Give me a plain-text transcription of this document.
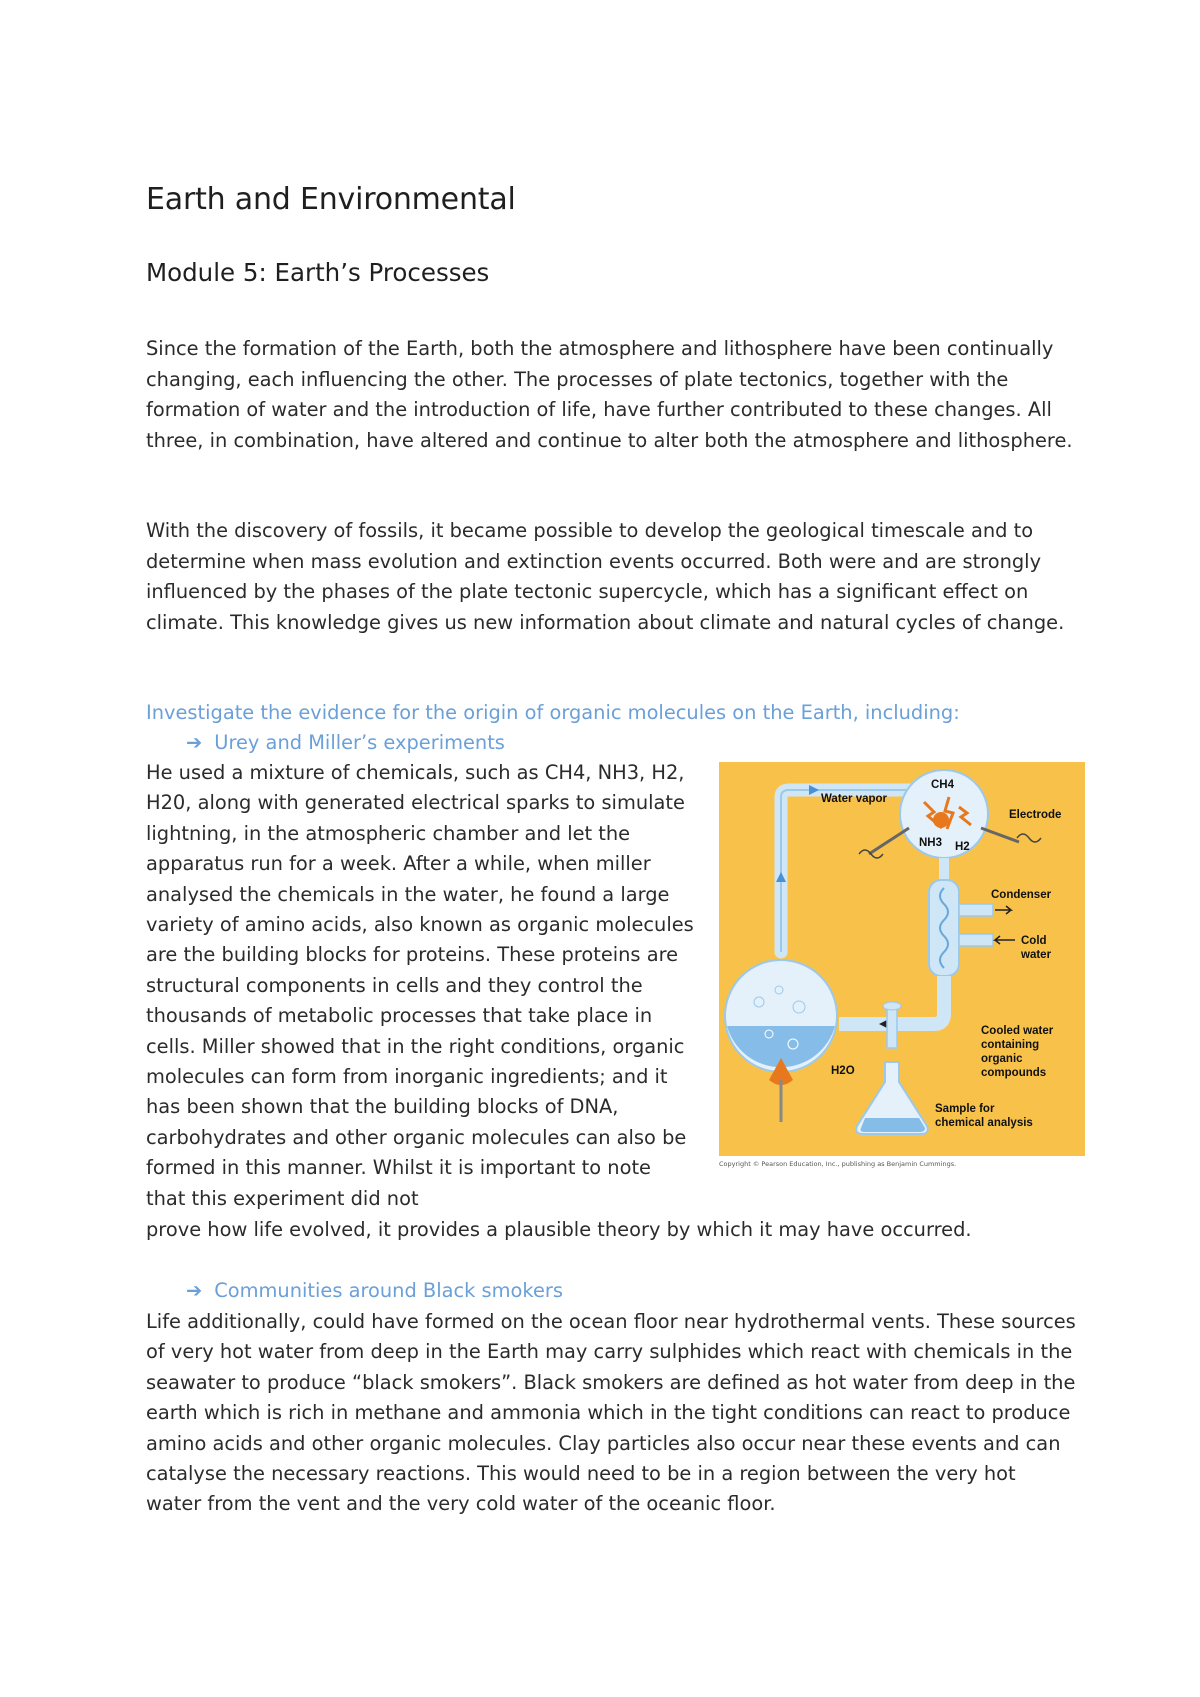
Earth and Environmental
Module 5: Earth’s Processes

Since the formation of the Earth, both the atmosphere and lithosphere have been continually changing, each influencing the other. The processes of plate tectonics, together with the formation of water and the introduction of life, have further contributed to these changes. All three, in combination, have altered and continue to alter both the atmosphere and lithosphere.

With the discovery of fossils, it became possible to develop the geological timescale and to determine when mass evolution and extinction events occurred. Both were and are strongly influenced by the phases of the plate tectonic supercycle, which has a significant effect on climate. This knowledge gives us new information about climate and natural cycles of change.

Investigate the evidence for the origin of organic molecules on the Earth, including:

➔ Urey and Miller’s experiments

He used a mixture of chemicals, such as CH4, NH3, H2, H20, along with generated electrical sparks to simulate lightning, in the atmospheric chamber and let the apparatus run for a week. After a while, when miller analysed the chemicals in the water, he found a large variety of amino acids, also known as organic molecules are the building blocks for proteins. These proteins are structural components in cells and they control the thousands of metabolic processes that take place in cells. Miller showed that in the right conditions, organic molecules can form from inorganic ingredients; and it has been shown that the building blocks of DNA, carbohydrates and other organic molecules can also be formed in this manner. Whilst it is important to note that this experiment did not

prove how life evolved, it provides a plausible theory by which it may have occurred.

Water vapor
CH4
NH3 H2
Electrode
Condenser
Cold
water
Cooled water
containing
organic
compounds
H2O
Sample for
chemical analysis

Copyright © Pearson Education, Inc., publishing as Benjamin Cummings.

➔ Communities around Black smokers

Life additionally, could have formed on the ocean floor near hydrothermal vents. These sources of very hot water from deep in the Earth may carry sulphides which react with chemicals in the seawater to produce “black smokers”. Black smokers are defined as hot water from deep in the earth which is rich in methane and ammonia which in the tight conditions can react to produce amino acids and other organic molecules. Clay particles also occur near these events and can catalyse the necessary reactions. This would need to be in a region between the very hot water from the vent and the very cold water of the oceanic floor.
